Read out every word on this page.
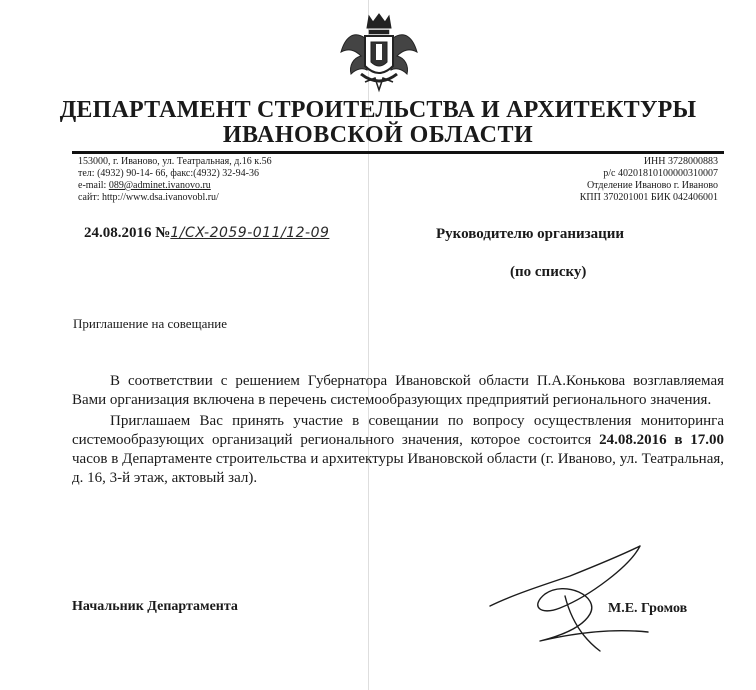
ДЕПАРТАМЕНТ СТРОИТЕЛЬСТВА И АРХИТЕКТУРЫ
ИВАНОВСКОЙ ОБЛАСТИ
153000, г. Иваново, ул. Театральная, д.16 к.56
тел: (4932) 90-14- 66, факс:(4932) 32-94-36
e-mail: 089@adminet.ivanovo.ru
сайт: http://www.dsa.ivanovobl.ru/
ИНН 3728000883
р/с 40201810100000310007
Отделение Иваново г. Иваново
КПП 370201001 БИК 042406001
24.08.2016 №1/CX-2059-011/12-09	Руководителю организации
(по списку)
Приглашение на совещание

В соответствии с решением Губернатора Ивановской области П.А.Конькова возглавляемая Вами организация включена в перечень системообразующих предприятий регионального значения.

Приглашаем Вас принять участие в совещании по вопросу осуществления мониторинга системообразующих организаций регионального значения, которое состоится 24.08.2016 в 17.00 часов в Департаменте строительства и архитектуры Ивановской области (г. Иваново, ул. Театральная, д. 16, 3-й этаж, актовый зал).

Начальник Департамента	М.Е. Громов
